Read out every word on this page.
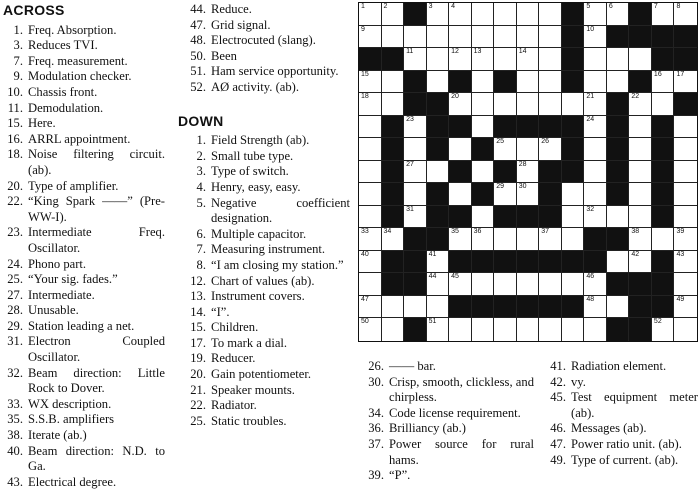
ACROSS
1. Freq. Absorption.
3. Reduces TVI.
7. Freq. measurement.
9. Modulation checker.
10. Chassis front.
11. Demodulation.
15. Here.
16. ARRL appointment.
18. Noise filtering circuit. (ab).
20. Type of amplifier.
22. “King Spark ——” (Pre-WW-I).
23. Intermediate Freq. Oscillator.
24. Phono part.
25. “Your sig. fades.”
27. Intermediate.
28. Unusable.
29. Station leading a net.
31. Electron Coupled Oscillator.
32. Beam direction: Little Rock to Dover.
33. WX description.
35. S.S.B. amplifiers
38. Iterate (ab.)
40. Beam direction: N.D. to Ga.
43. Electrical degree.
44. Reduce.
47. Grid signal.
48. Electrocuted (slang).
50. Been
51. Ham service opportunity.
52. AØ activity. (ab).
DOWN
1. Field Strength (ab).
2. Small tube type.
3. Type of switch.
4. Henry, easy, easy.
5. Negative coefficient designation.
6. Multiple capacitor.
7. Measuring instrument.
8. “I am closing my station.”
12. Chart of values (ab).
13. Instrument covers.
14. “I”.
15. Children.
17. To mark a dial.
19. Reducer.
20. Gain potentiometer.
21. Speaker mounts.
22. Radiator.
25. Static troubles.
1	2	3	4	5	6	7	8
9	10
11	12 13	14
15	16 17
18	20	21	22
23	24
25	26
27	28
29 30
31	32
33 34	35 36	37	38	39
40	41	42	43
44 45	46
47	48	49
50	51	52
26. —— bar.
30. Crisp, smooth, clickless, and chirpless.
34. Code license requirement.
36. Brilliancy (ab.)
37. Power source for rural hams.
39. “P”.
41. Radiation element.
42. vy.
45. Test equipment meter (ab).
46. Messages (ab).
47. Power ratio unit. (ab).
49. Type of current. (ab).
